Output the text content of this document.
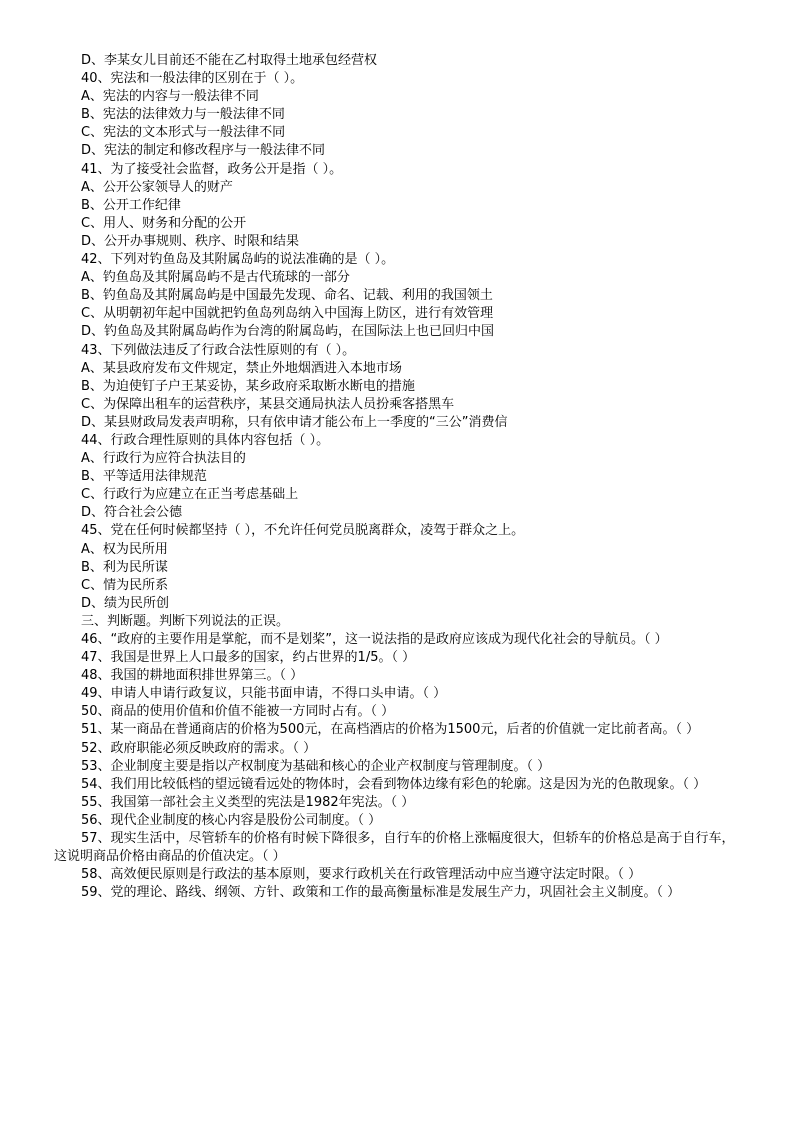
D、李某女儿目前还不能在乙村取得土地承包经营权
40、宪法和一般法律的区别在于（ ）。
A、宪法的内容与一般法律不同
B、宪法的法律效力与一般法律不同
C、宪法的文本形式与一般法律不同
D、宪法的制定和修改程序与一般法律不同
41、为了接受社会监督，政务公开是指（ ）。
A、公开公家领导人的财产
B、公开工作纪律
C、用人、财务和分配的公开
D、公开办事规则、秩序、时限和结果
42、下列对钓鱼岛及其附属岛屿的说法准确的是（ ）。
A、钓鱼岛及其附属岛屿不是古代琉球的一部分
B、钓鱼岛及其附属岛屿是中国最先发现、命名、记载、利用的我国领土
C、从明朝初年起中国就把钓鱼岛列岛纳入中国海上防区，进行有效管理
D、钓鱼岛及其附属岛屿作为台湾的附属岛屿，在国际法上也已回归中国
43、下列做法违反了行政合法性原则的有（ ）。
A、某县政府发布文件规定，禁止外地烟酒进入本地市场
B、为迫使钉子户王某妥协，某乡政府采取断水断电的措施
C、为保障出租车的运营秩序，某县交通局执法人员扮乘客搭黑车
D、某县财政局发表声明称，只有依申请才能公布上一季度的“三公”消费信
44、行政合理性原则的具体内容包括（ ）。
A、行政行为应符合执法目的
B、平等适用法律规范
C、行政行为应建立在正当考虑基础上
D、符合社会公德
45、党在任何时候都坚持（ ），不允许任何党员脱离群众，凌驾于群众之上。
A、权为民所用
B、利为民所谋
C、情为民所系
D、绩为民所创
三、判断题。判断下列说法的正误。
46、“政府的主要作用是掌舵，而不是划桨”，这一说法指的是政府应该成为现代化社会的导航员。（ ）
47、我国是世界上人口最多的国家，约占世界的1/5。（ ）
48、我国的耕地面积排世界第三。（ ）
49、申请人申请行政复议，只能书面申请，不得口头申请。（ ）
50、商品的使用价值和价值不能被一方同时占有。（ ）
51、某一商品在普通商店的价格为500元，在高档酒店的价格为1500元，后者的价值就一定比前者高。（ ）
52、政府职能必须反映政府的需求。（ ）
53、企业制度主要是指以产权制度为基础和核心的企业产权制度与管理制度。（ ）
54、我们用比较低档的望远镜看远处的物体时，会看到物体边缘有彩色的轮廓。这是因为光的色散现象。（ ）
55、我国第一部社会主义类型的宪法是1982年宪法。（ ）
56、现代企业制度的核心内容是股份公司制度。（ ）
57、现实生活中，尽管轿车的价格有时候下降很多，自行车的价格上涨幅度很大，但轿车的价格总是高于自行车，这说明商品价格由商品的价值决定。（ ）
58、高效便民原则是行政法的基本原则，要求行政机关在行政管理活动中应当遵守法定时限。（ ）
59、党的理论、路线、纲领、方针、政策和工作的最高衡量标准是发展生产力，巩固社会主义制度。（ ）
